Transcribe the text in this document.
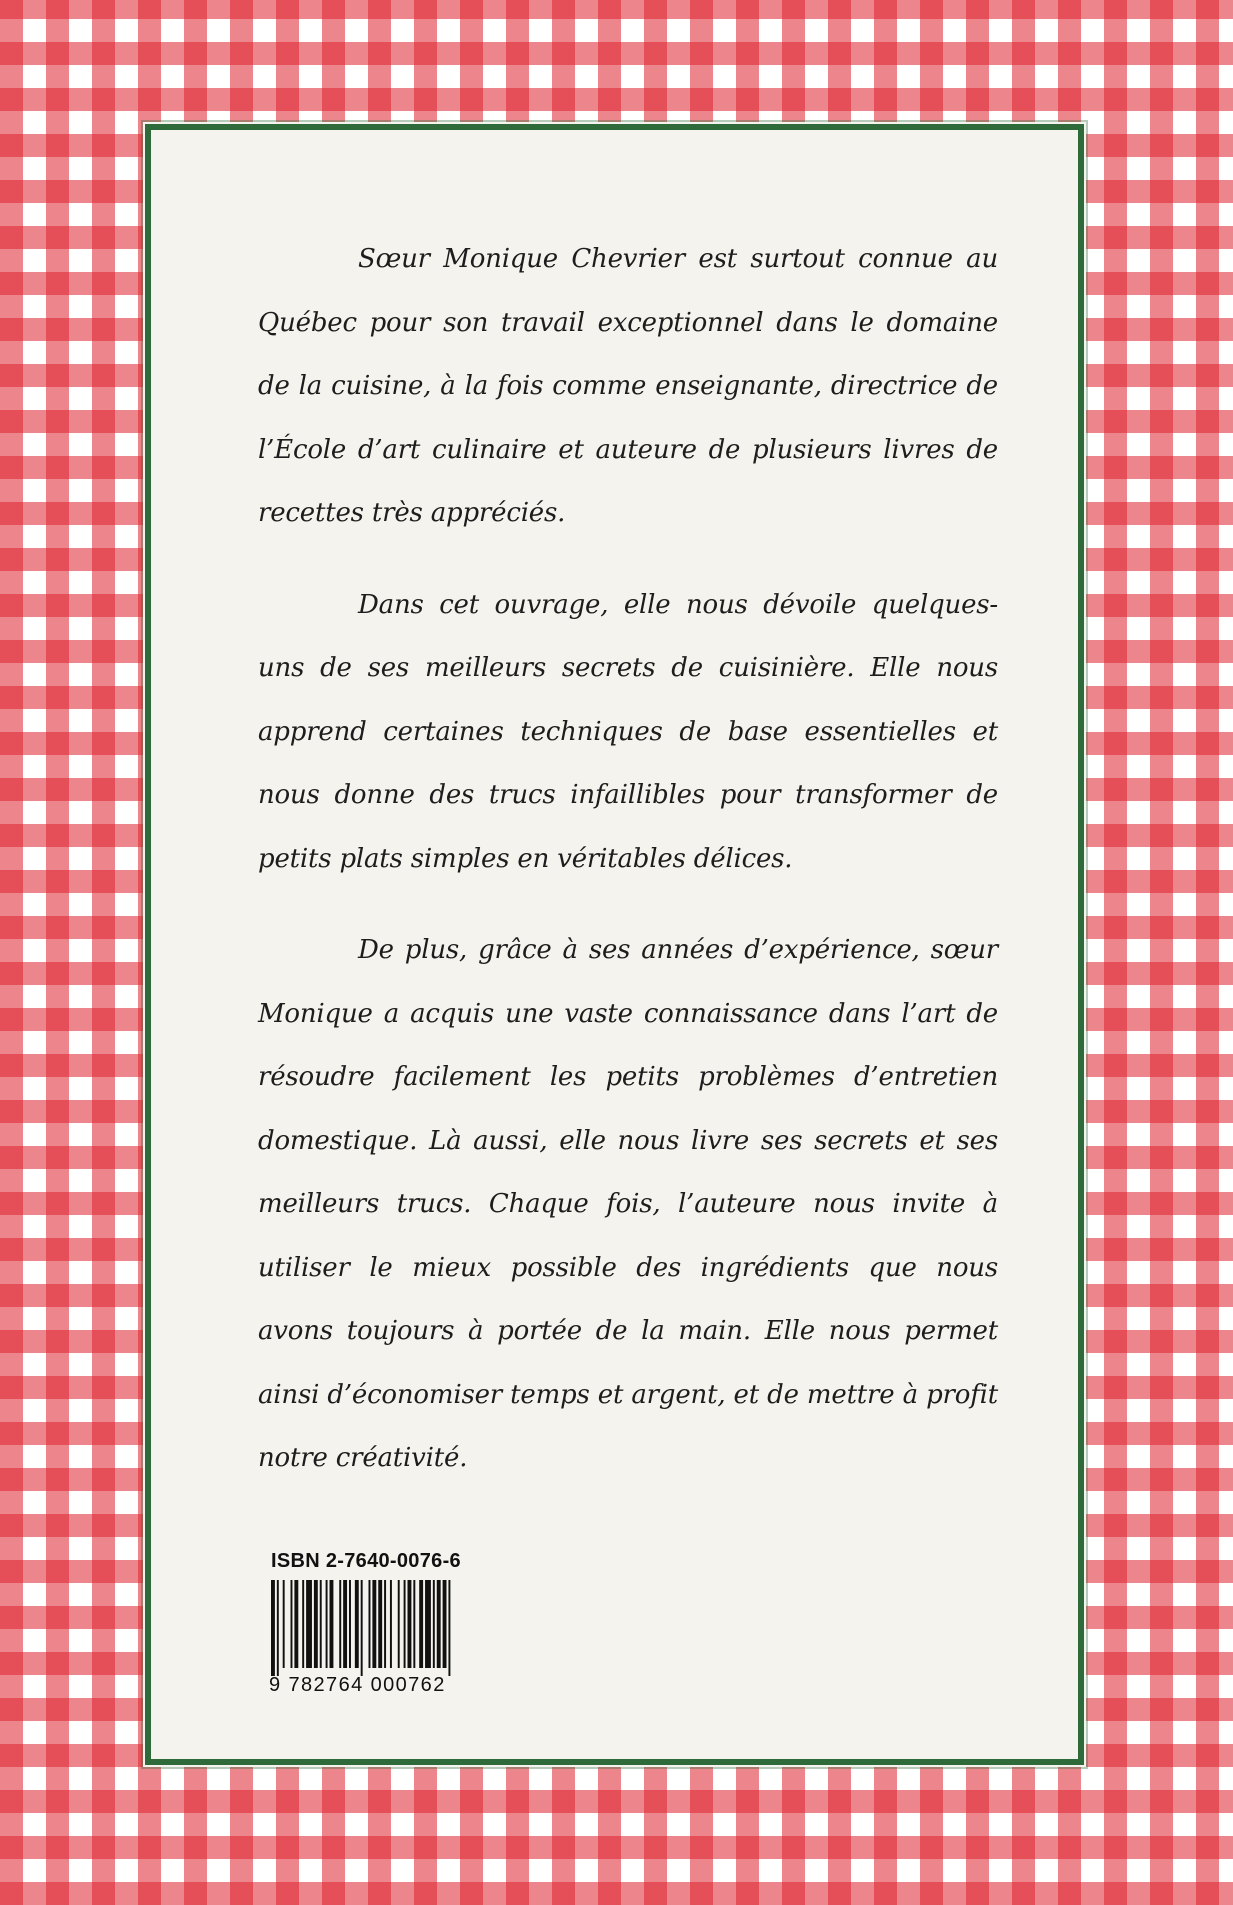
Sœur Monique Chevrier est surtout connue au Québec pour son travail exceptionnel dans le domaine de la cuisine, à la fois comme enseignante, directrice de l’École d’art culinaire et auteure de plusieurs livres de recettes très appréciés.

Dans cet ouvrage, elle nous dévoile quelques-uns de ses meilleurs secrets de cuisinière. Elle nous apprend certaines techniques de base essentielles et nous donne des trucs infaillibles pour transformer de petits plats simples en véritables délices.

De plus, grâce à ses années d’expérience, sœur Monique a acquis une vaste connaissance dans l’art de résoudre facilement les petits problèmes d’entretien domestique. Là aussi, elle nous livre ses secrets et ses meilleurs trucs. Chaque fois, l’auteure nous invite à utiliser le mieux possible des ingrédients que nous avons toujours à portée de la main. Elle nous permet ainsi d’économiser temps et argent, et de mettre à profit notre créativité.

ISBN 2-7640-0076-6
9 782764 000762
